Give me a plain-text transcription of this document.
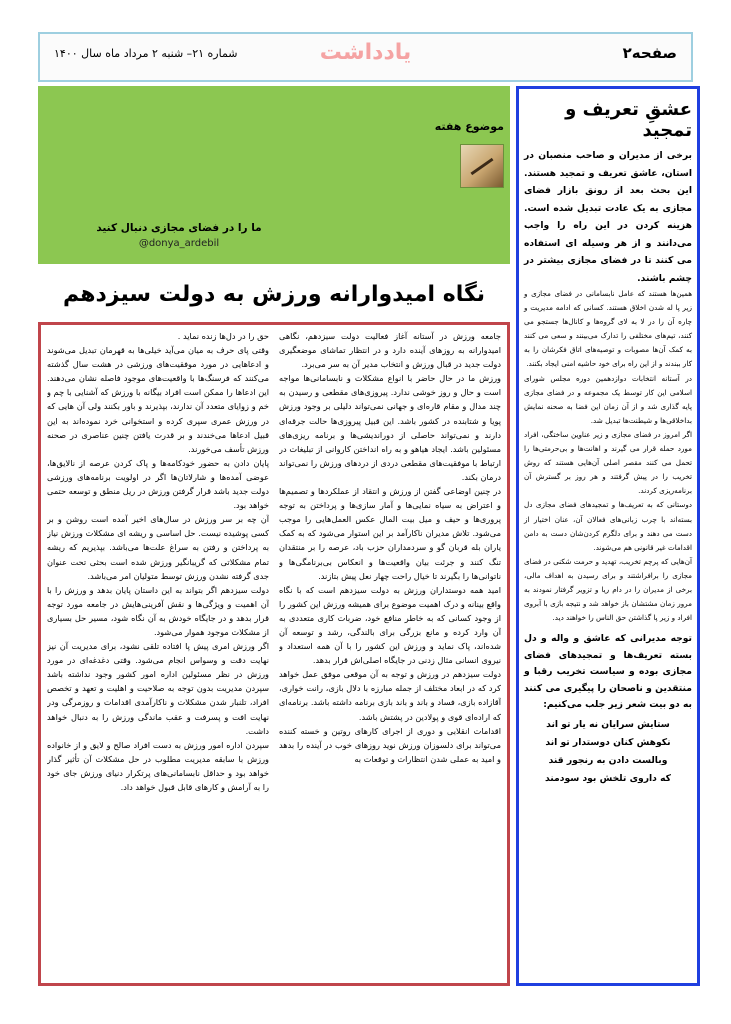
صفحه۲
یادداشت
شماره ۲۱– شنبه ۲ مرداد ماه سال ۱۴۰۰
موضوع هفته
ما را در فضای مجازی دنبال کنید
@donya_ardebil
نگاه امیدوارانه ورزش به دولت سیزدهم

جامعه ورزش در آستانه آغاز فعالیت دولت سیزدهم، نگاهی امیدوارانه به روزهای آینده دارد و در انتظار تماشای موضعگیری دولت جدید در قبال ورزش و انتخاب مدیر آن به سر می‌برد.

ورزش ما در حال حاضر با انواع مشکلات و نابسامانی‌ها مواجه است و حال و روز خوشی ندارد. پیروزی‌های مقطعی و رسیدن به چند مدال و مقام قاره‌ای و جهانی نمی‌تواند دلیلی بر وجود ورزش پویا و شتابنده در کشور باشد. این قبیل پیروزی‌ها حالت جرقه‌ای دارند و نمی‌تواند حاصلی از دوراندیشی‌ها و برنامه ریزی‌های مسئولین باشد. ایجاد هیاهو و به راه انداختن کاروانی از تبلیغات در ارتباط با موفقیت‌های مقطعی دردی از دردهای ورزش را نمی‌تواند درمان بکند.

در چنین اوضاعی گفتن از ورزش و انتقاد از عملکردها و تصمیم‌ها و اعتراض به سیاه نمایی‌ها و آمار سازی‌ها و پرداختن به توجه پروری‌ها و حیف و میل بیت المال عکس العمل‌هایی را موجب می‌شود. تلاش مدیران ناکارآمد بر این استوار می‌شود که به کمک یاران بله قربان گو و سردمداران حزب باد، عرصه را بر منتقدان تنگ کنند و جرئت بیان واقعیت‌ها و انعکاس بی‌برنامگی‌ها و ناتوانی‌ها را بگیرند تا خیال راحت چهار نعل پیش بتازند.

امید همه دوستداران ورزش به دولت سیزدهم است که با نگاه واقع بینانه و درک اهمیت موضوع برای همیشه ورزش این کشور را از وجود کسانی که به خاطر منافع خود، ضربات کاری متعددی به آن وارد کرده و مانع بزرگی برای بالندگی، رشد و توسعه آن شده‌اند، پاک نماید و ورزش این کشور را با آن همه استعداد و نیروی انسانی مثال زدنی در جایگاه اصلی‌اش قرار بدهد.

دولت سیزدهم در ورزش و توجه به آن موقعی موفق عمل خواهد کرد که در ابعاد مختلف از جمله مبارزه با دلال بازی، رانت خواری، آقازاده بازی، فساد و باند و باند بازی برنامه داشته باشد. برنامه‌ای که اراده‌ای قوی و پولادین در پشتش باشد.

اقدامات انقلابی و دوری از اجرای کارهای روتین و خسته کننده می‌تواند برای دلسوزان ورزش نوید روزهای خوب در آینده را بدهد و امید به عملی شدن انتظارات و توقعات به

حق را در دل‌ها زنده نماید .

وقتی پای حرف به میان می‌آید خیلی‌ها به قهرمان تبدیل می‌شوند و ادعاهایی در مورد موفقیت‌های ورزشی در هشت سال گذشته می‌کنند که فرسنگ‌ها با واقعیت‌های موجود فاصله نشان می‌دهند. این ادعاها را ممکن است افراد بیگانه با ورزش که آشنایی با چم و خم و زوایای متعدد آن ندارند، بپذیرند و باور بکنند ولی آن هایی که در ورزش عمری سپری کرده و استخوانی خرد نموده‌اند به این قبیل ادعاها می‌خندند و بر قدرت یافتن چنین عناصری در صحنه ورزش تأسف می‌خورند.

پایان دادن به حضور خودکامه‌ها و پاک کردن عرصه از نالایق‌ها، عوضی آمده‌ها و شارلاتان‌ها اگر در اولویت برنامه‌های ورزشی دولت جدید باشد قرار گرفتن ورزش در ریل منطق و توسعه حتمی خواهد بود.

آن چه بر سر ورزش در سال‌های اخیر آمده است روشن و بر کسی پوشیده نیست. حل اساسی و ریشه ای مشکلات ورزش نیاز به پرداختن و رفتن به سراغ علت‌ها می‌باشد. بپذیریم که ریشه تمام مشکلاتی که گریبانگیر ورزش شده است بحثی تحت عنوان جدی گرفته نشدن ورزش توسط متولیان امر می‌باشد.

دولت سیزدهم اگر بتواند به این داستان پایان بدهد و ورزش را با آن اهمیت و ویژگی‌ها و نقش آفرینی‌هایش در جامعه مورد توجه قرار بدهد و در جایگاه خودش به آن نگاه شود، مسیر حل بسیاری از مشکلات موجود هموار می‌شود.

اگر ورزش امری پیش پا افتاده تلقی نشود، برای مدیریت آن نیز نهایت دقت و وسواس انجام می‌شود. وقتی دغدغه‌ای در مورد ورزش در نظر مسئولین اداره امور کشور وجود نداشته باشد سپردن مدیریت بدون توجه به صلاحیت و اهلیت و تعهد و تخصص افراد، تلنبار شدن مشکلات و ناکارآمدی اقدامات و روزمرگی ودر نهایت افت و پسرفت و عقب ماندگی ورزش را به دنبال خواهد داشت.

سپردن اداره امور ورزش به دست افراد صالح و لایق و از خانواده ورزش با سابقه مدیریت مطلوب در حل مشکلات آن تأثیر گذار خواهد بود و حداقل نابسامانی‌های پرتکرار دنیای ورزش جای خود را به آرامش و کارهای قابل قبول خواهد داد.

عشقِ تعریف و تمجید

برخی از مدیران و صاحب منصبان در استان، عاشق تعریف و تمجید هستند. این بحث بعد از رونق بازار فضای مجازی به یک عادت تبدیل شده است. هزینه کردن در این راه را واجب می‌دانند و از هر وسیله ای استفاده می کنند تا در فضای مجازی بیشتر در چشم باشند.

همین‌ها هستند که عامل نابسامانی در فضای مجازی و زیر پا له شدن اخلاق هستند. کسانی که ادامه مدیریت و چاره آن را در لا به لای گروه‌ها و کانال‌ها جستجو می کنند، تیم‌های مختلفی را تدارک می‌بینند و سعی می کنند به کمک آن‌ها مصوبات و توصیه‌های اتاق فکرشان را به کار ببندند و از این راه برای خود حاشیه امنی ایجاد بکنند.

در آستانه انتخابات دوازدهمین دوره مجلس شورای اسلامی این کار توسط یک مجموعه و در فضای مجازی پایه گذاری شد و از آن زمان این فضا به صحنه نمایش بداخلاقی‌ها و شیطنت‌ها تبدیل شد.

اگر امروز در فضای مجازی و زیر عناوین ساختگی، افراد مورد حمله قرار می گیرند و اهانت‌ها و بی‌حرمتی‌ها را تحمل می کنند مقصر اصلی آن‌هایی هستند که روش تخریب را در پیش گرفتند و هر روز بر گسترش آن برنامه‌ریزی کردند.

دوستانی که به تعریف‌ها و تمجیدهای فضای مجازی دل بسته‌اند با چرب زبانی‌های فعالان آن، عنان اختیار از دست می دهند و برای دلگرم کردن‌شان دست به دامن اقدامات غیر قانونی هم می‌شوند.

آن‌هایی که پرچم تخریب، تهدید و حرمت شکنی در فضای مجازی را برافراشتند و برای رسیدن به اهداف مالی، برخی از مدیران را در دام ریا و تزویر گرفتار نمودند به مرور زمان مشتشان باز خواهد شد و نتیجه بازی با آبروی افراد و زیر پا گذاشتن حق الناس را خواهند دید.

توجه مدیرانی که عاشق و واله و دل بسته تعریف‌ها و تمجیدهای فضای مجازی بوده و سیاست تخریب رقبا و منتقدین و ناصحان را پیگیری می کنند به دو بیت شعر زیر جلب می‌کنیم:

ستایش سرایان نه یار تو اند
نکوهش کنان دوستدار تو اند
وبالست دادن به رنجور قند
که داروی تلخش بود سودمند
